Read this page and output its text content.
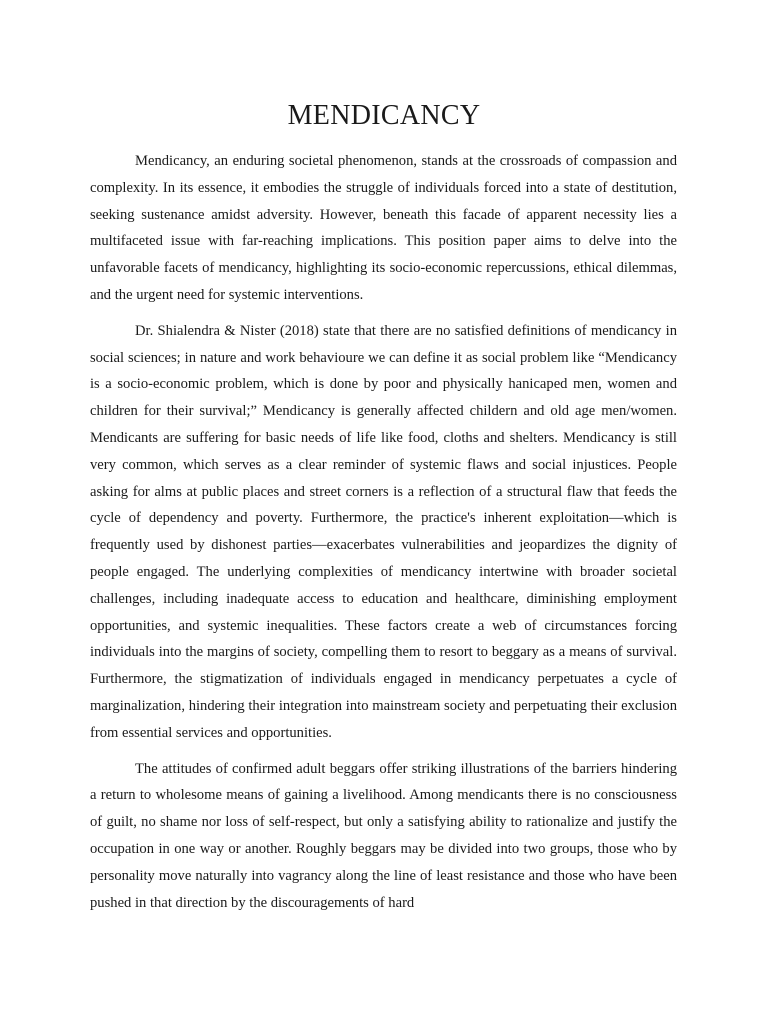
MENDICANCY

Mendicancy, an enduring societal phenomenon, stands at the crossroads of compassion and complexity. In its essence, it embodies the struggle of individuals forced into a state of destitution, seeking sustenance amidst adversity. However, beneath this facade of apparent necessity lies a multifaceted issue with far-reaching implications. This position paper aims to delve into the unfavorable facets of mendicancy, highlighting its socio-economic repercussions, ethical dilemmas, and the urgent need for systemic interventions.

Dr. Shialendra & Nister (2018) state that there are no satisfied definitions of mendicancy in social sciences; in nature and work behavioure we can define it as social problem like “Mendicancy is a socio-economic problem, which is done by poor and physically hanicaped men, women and children for their survival;” Mendicancy is generally affected childern and old age men/women. Mendicants are suffering for basic needs of life like food, cloths and shelters. Mendicancy is still very common, which serves as a clear reminder of systemic flaws and social injustices. People asking for alms at public places and street corners is a reflection of a structural flaw that feeds the cycle of dependency and poverty. Furthermore, the practice's inherent exploitation—which is frequently used by dishonest parties—exacerbates vulnerabilities and jeopardizes the dignity of people engaged. The underlying complexities of mendicancy intertwine with broader societal challenges, including inadequate access to education and healthcare, diminishing employment opportunities, and systemic inequalities. These factors create a web of circumstances forcing individuals into the margins of society, compelling them to resort to beggary as a means of survival. Furthermore, the stigmatization of individuals engaged in mendicancy perpetuates a cycle of marginalization, hindering their integration into mainstream society and perpetuating their exclusion from essential services and opportunities.

The attitudes of confirmed adult beggars offer striking illustrations of the barriers hindering a return to wholesome means of gaining a livelihood. Among mendicants there is no consciousness of guilt, no shame nor loss of self-respect, but only a satisfying ability to rationalize and justify the occupation in one way or another. Roughly beggars may be divided into two groups, those who by personality move naturally into vagrancy along the line of least resistance and those who have been pushed in that direction by the discouragements of hard
